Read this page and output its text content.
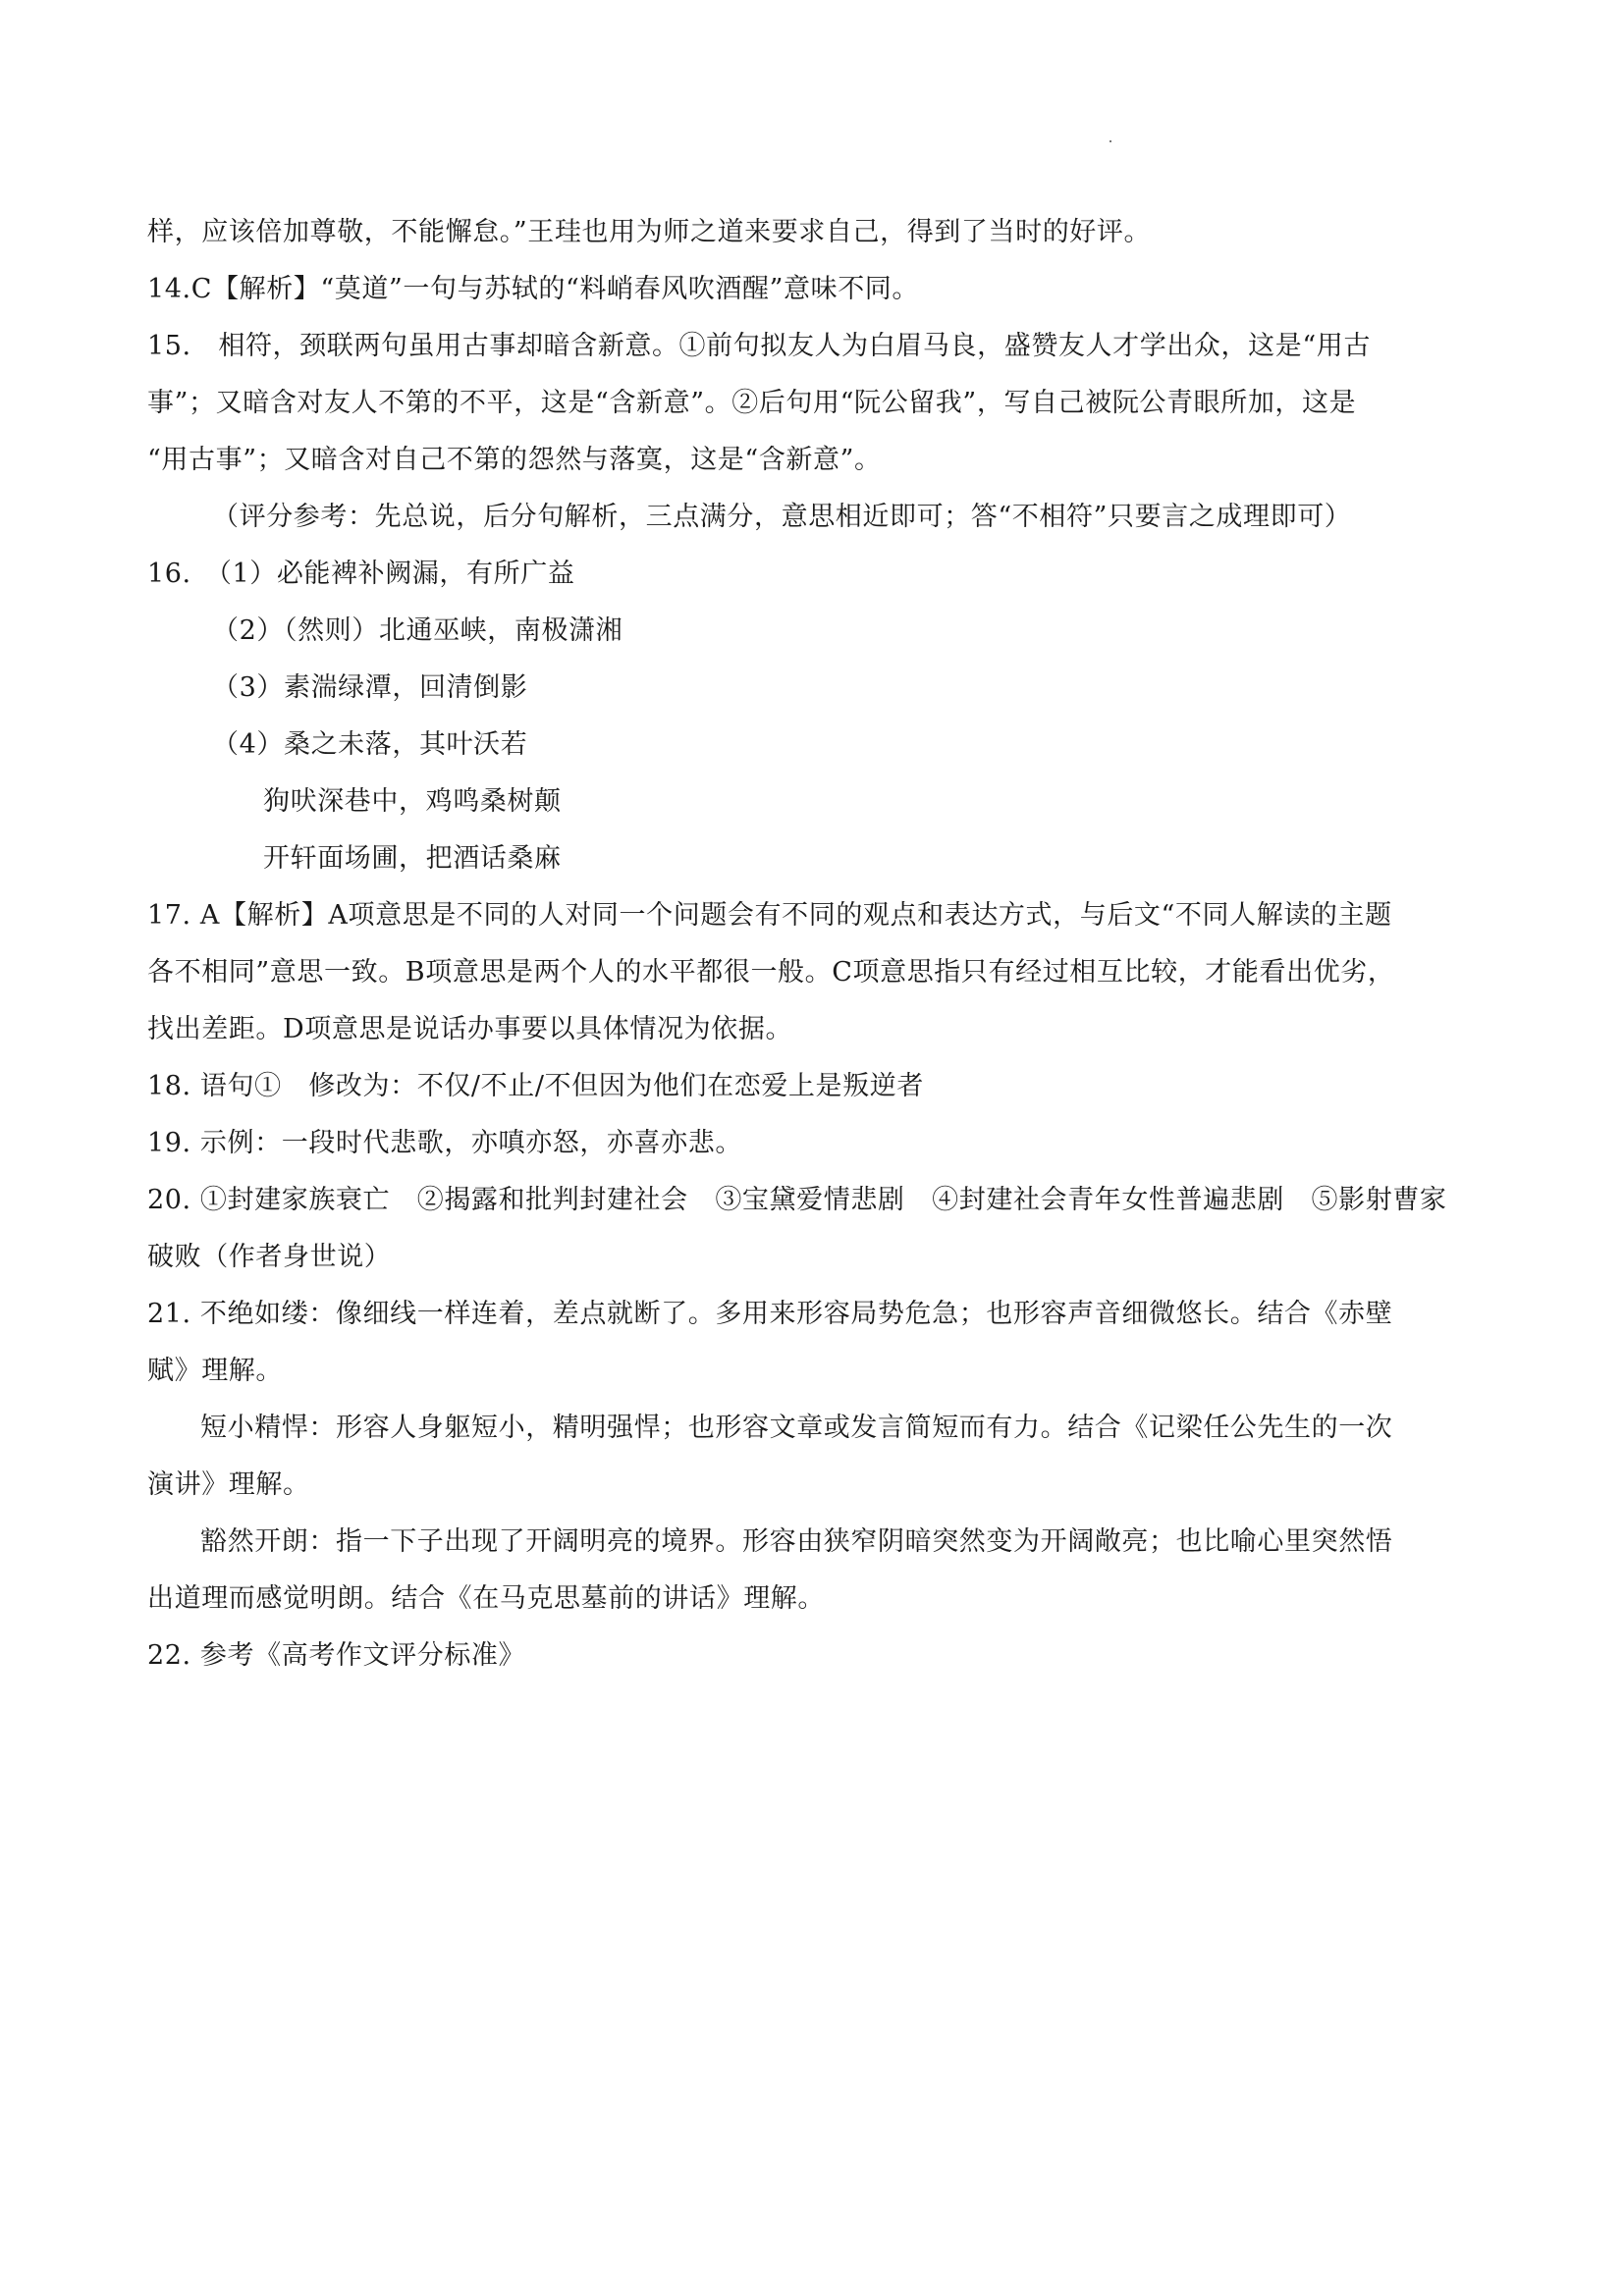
样，应该倍加尊敬，不能懈怠。”王珪也用为师之道来要求自己，得到了当时的好评。
14.C【解析】“莫道”一句与苏轼的“料峭春风吹酒醒”意味不同。
15.　相符，颈联两句虽用古事却暗含新意。①前句拟友人为白眉马良，盛赞友人才学出众，这是“用古
事”；又暗含对友人不第的不平，这是“含新意”。②后句用“阮公留我”，写自己被阮公青眼所加，这是
“用古事”；又暗含对自己不第的怨然与落寞，这是“含新意”。
（评分参考：先总说，后分句解析，三点满分，意思相近即可；答“不相符”只要言之成理即可）
16.　（1）必能裨补阙漏，有所广益
（2）（然则）北通巫峡，南极潇湘
（3）素湍绿潭，回清倒影
（4）桑之未落，其叶沃若
狗吠深巷中，鸡鸣桑树颠
开轩面场圃，把酒话桑麻
17. A【解析】A项意思是不同的人对同一个问题会有不同的观点和表达方式，与后文“不同人解读的主题
各不相同”意思一致。B项意思是两个人的水平都很一般。C项意思指只有经过相互比较，才能看出优劣，
找出差距。D项意思是说话办事要以具体情况为依据。
18. 语句①　修改为：不仅/不止/不但因为他们在恋爱上是叛逆者
19. 示例：一段时代悲歌，亦嗔亦怒，亦喜亦悲。
20. ①封建家族衰亡　②揭露和批判封建社会　③宝黛爱情悲剧　④封建社会青年女性普遍悲剧　⑤影射曹家
破败（作者身世说）
21. 不绝如缕：像细线一样连着，差点就断了。多用来形容局势危急；也形容声音细微悠长。结合《赤壁
赋》理解。
短小精悍：形容人身躯短小，精明强悍；也形容文章或发言简短而有力。结合《记梁任公先生的一次
演讲》理解。
豁然开朗：指一下子出现了开阔明亮的境界。形容由狭窄阴暗突然变为开阔敞亮；也比喻心里突然悟
出道理而感觉明朗。结合《在马克思墓前的讲话》理解。
22. 参考《高考作文评分标准》
